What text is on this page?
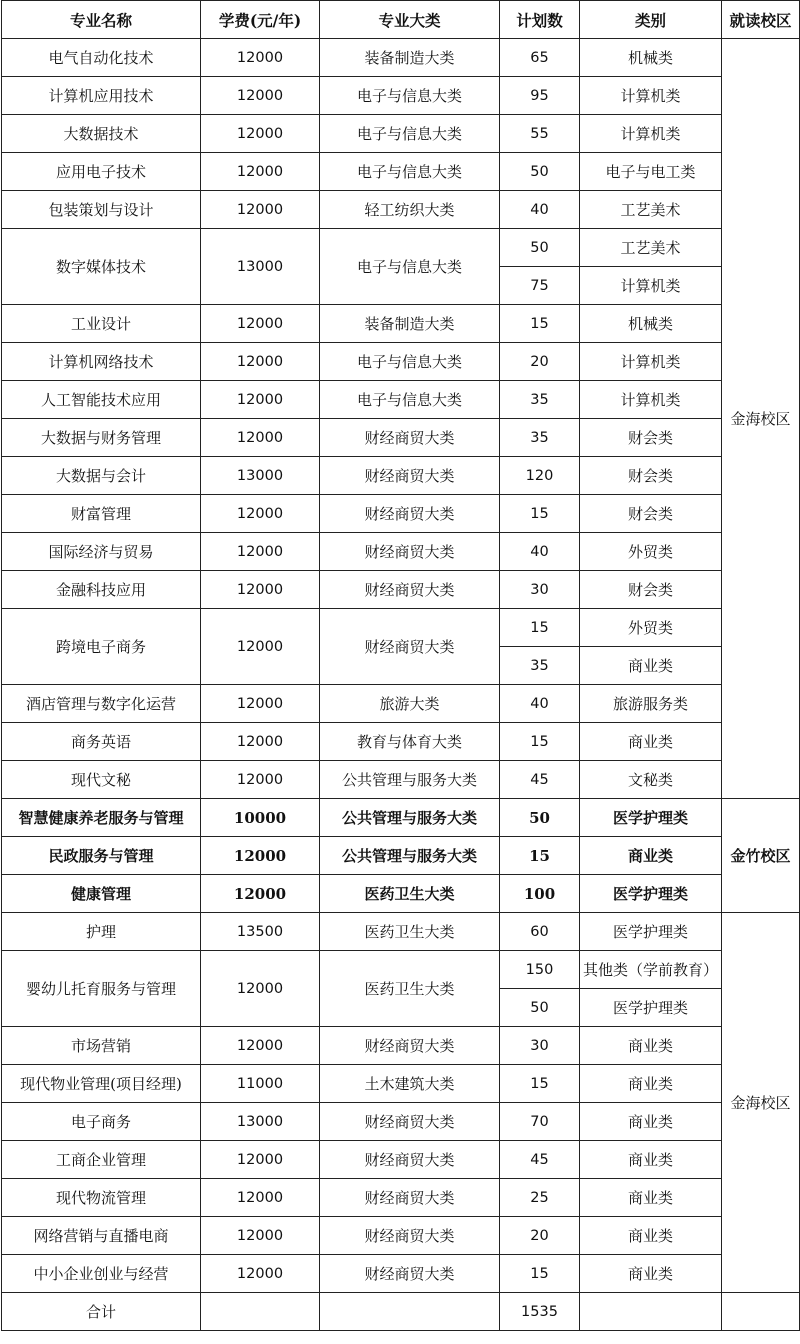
专业名称	学费(元/年)	专业大类	计划数	类别	就读校区
电气自动化技术	12000	装备制造大类	65	机械类	金海校区
计算机应用技术	12000	电子与信息大类	95	计算机类	
大数据技术	12000	电子与信息大类	55	计算机类	
应用电子技术	12000	电子与信息大类	50	电子与电工类	
包装策划与设计	12000	轻工纺织大类	40	工艺美术	
数字媒体技术	13000	电子与信息大类	50	工艺美术	
			75	计算机类	
工业设计	12000	装备制造大类	15	机械类	
计算机网络技术	12000	电子与信息大类	20	计算机类	
人工智能技术应用	12000	电子与信息大类	35	计算机类	
大数据与财务管理	12000	财经商贸大类	35	财会类	
大数据与会计	13000	财经商贸大类	120	财会类	
财富管理	12000	财经商贸大类	15	财会类	
国际经济与贸易	12000	财经商贸大类	40	外贸类	
金融科技应用	12000	财经商贸大类	30	财会类	
跨境电子商务	12000	财经商贸大类	15	外贸类	
			35	商业类	
酒店管理与数字化运营	12000	旅游大类	40	旅游服务类	
商务英语	12000	教育与体育大类	15	商业类	
现代文秘	12000	公共管理与服务大类	45	文秘类	
智慧健康养老服务与管理	10000	公共管理与服务大类	50	医学护理类	金竹校区
民政服务与管理	12000	公共管理与服务大类	15	商业类	
健康管理	12000	医药卫生大类	100	医学护理类	
护理	13500	医药卫生大类	60	医学护理类	金海校区
婴幼儿托育服务与管理	12000	医药卫生大类	150	其他类（学前教育）	
			50	医学护理类	
市场营销	12000	财经商贸大类	30	商业类	
现代物业管理(项目经理)	11000	土木建筑大类	15	商业类	
电子商务	13000	财经商贸大类	70	商业类	
工商企业管理	12000	财经商贸大类	45	商业类	
现代物流管理	12000	财经商贸大类	25	商业类	
网络营销与直播电商	12000	财经商贸大类	20	商业类	
中小企业创业与经营	12000	财经商贸大类	15	商业类	
合计			1535		
